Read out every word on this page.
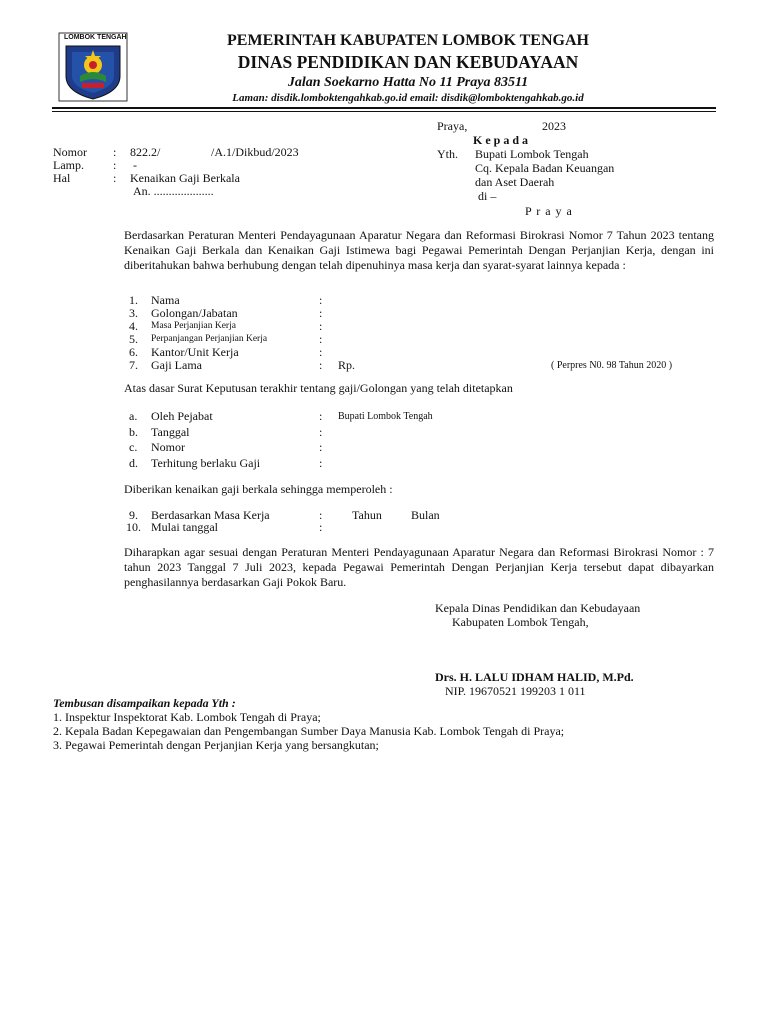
LOMBOK TENGAH	PEMERINTAH KABUPATEN LOMBOK TENGAH
DINAS PENDIDIKAN DAN KEBUDAYAAN
Jalan Soekarno Hatta No 11 Praya 83511
Laman: disdik.lomboktengahkab.go.id email: disdik@lomboktengahkab.go.id
Praya,	2023
K e p a d a
Yth. Bupati Lombok Tengah
Cq. Kepala Badan Keuangan
dan Aset Daerah
di –
P r a y a
Nomor : 822.2/	/A.1/Dikbud/2023
Lamp. : -
Hal	: Kenaikan Gaji Berkala
An. ....................
Berdasarkan Peraturan Menteri Pendayagunaan Aparatur Negara dan Reformasi Birokrasi Nomor 7 Tahun 2023 tentang Kenaikan Gaji Berkala dan Kenaikan Gaji Istimewa bagi Pegawai Pemerintah Dengan Perjanjian Kerja, dengan ini diberitahukan bahwa berhubung dengan telah dipenuhinya masa kerja dan syarat-syarat lainnya kepada :
1. Nama	:
3. Golongan/Jabatan	:
4. Masa Perjanjian Kerja	:
5. Perpanjangan Perjanjian Kerja	:
6. Kantor/Unit Kerja	:
7. Gaji Lama	: Rp.	( Perpres N0. 98 Tahun 2020 )
Atas dasar Surat Keputusan terakhir tentang gaji/Golongan yang telah ditetapkan
a. Oleh Pejabat	: Bupati Lombok Tengah
b. Tanggal	:
c. Nomor	:
d. Terhitung berlaku Gaji	:
Diberikan kenaikan gaji berkala sehingga memperoleh :
9. Berdasarkan Masa Kerja	: Tahun Bulan
10. Mulai tanggal	:
Diharapkan agar sesuai dengan Peraturan Menteri Pendayagunaan Aparatur Negara dan Reformasi Birokrasi Nomor : 7 tahun 2023 Tanggal 7 Juli 2023, kepada Pegawai Pemerintah Dengan Perjanjian Kerja tersebut dapat dibayarkan penghasilannya berdasarkan Gaji Pokok Baru.
Kepala Dinas Pendidikan dan Kebudayaan
Kabupaten Lombok Tengah,
Drs. H. LALU IDHAM HALID, M.Pd.
NIP. 19670521 199203 1 011
Tembusan disampaikan kepada Yth :
1. Inspektur Inspektorat Kab. Lombok Tengah di Praya;
2. Kepala Badan Kepegawaian dan Pengembangan Sumber Daya Manusia Kab. Lombok Tengah di Praya;
3. Pegawai Pemerintah dengan Perjanjian Kerja yang bersangkutan;
